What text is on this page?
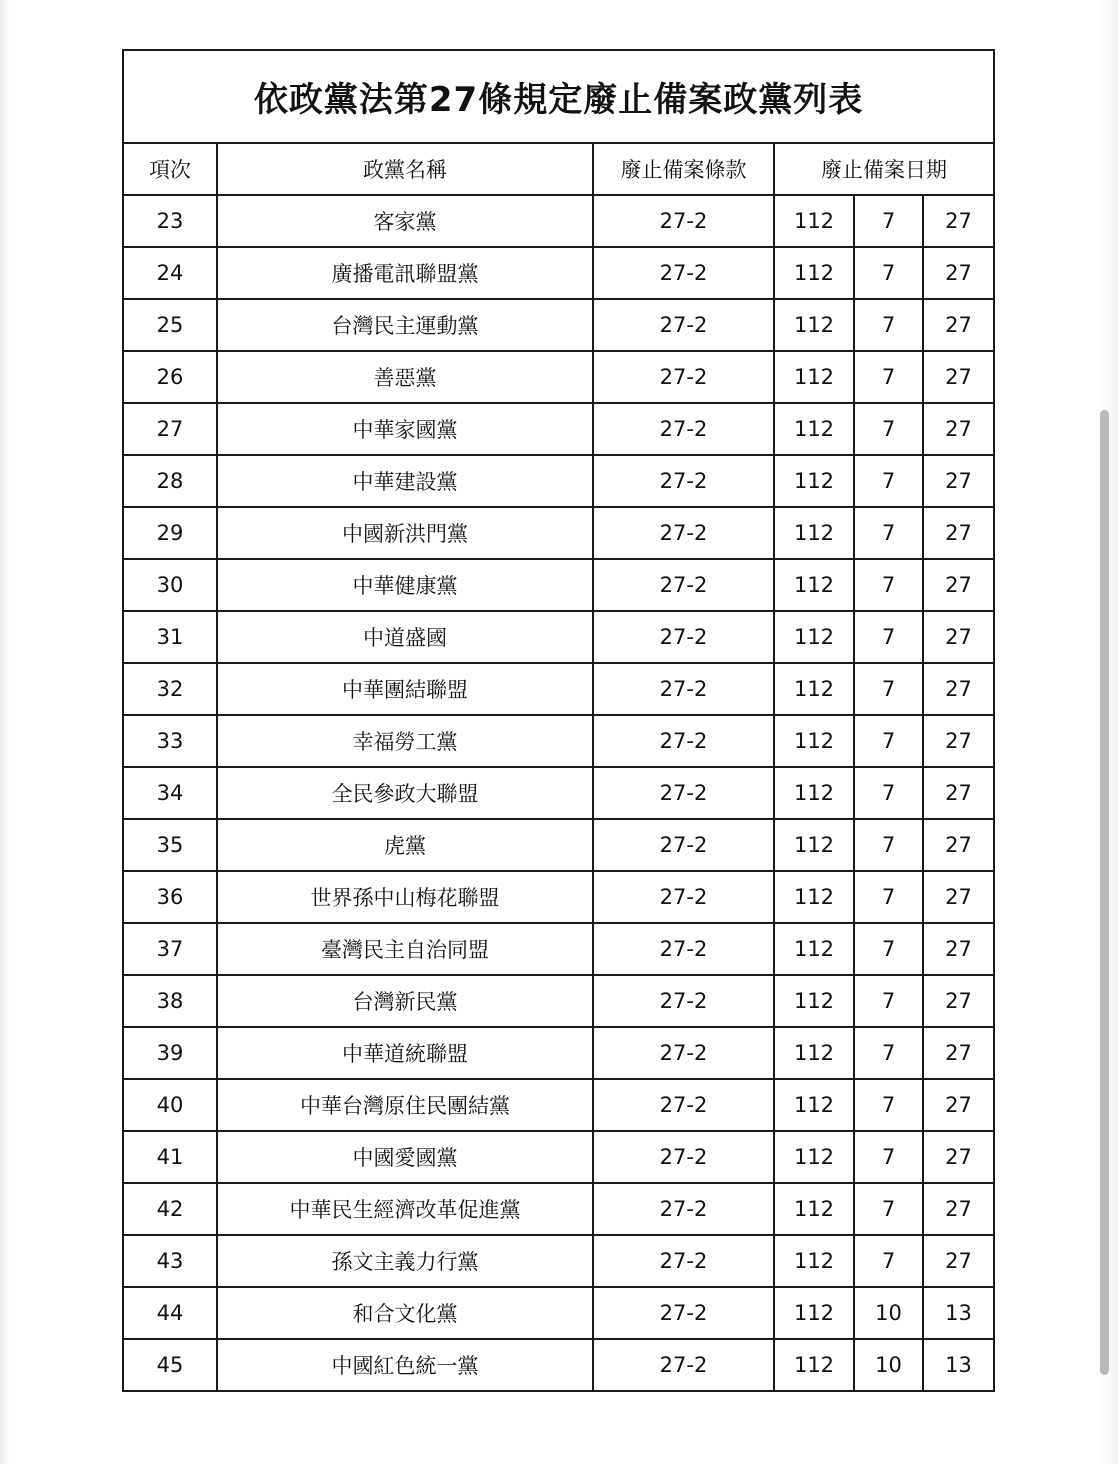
依政黨法第27條規定廢止備案政黨列表					
項次	政黨名稱	廢止備案條款	廢止備案日期		
23	客家黨	27-2	112	7	27
24	廣播電訊聯盟黨	27-2	112	7	27
25	台灣民主運動黨	27-2	112	7	27
26	善惡黨	27-2	112	7	27
27	中華家國黨	27-2	112	7	27
28	中華建設黨	27-2	112	7	27
29	中國新洪門黨	27-2	112	7	27
30	中華健康黨	27-2	112	7	27
31	中道盛國	27-2	112	7	27
32	中華團結聯盟	27-2	112	7	27
33	幸福勞工黨	27-2	112	7	27
34	全民參政大聯盟	27-2	112	7	27
35	虎黨	27-2	112	7	27
36	世界孫中山梅花聯盟	27-2	112	7	27
37	臺灣民主自治同盟	27-2	112	7	27
38	台灣新民黨	27-2	112	7	27
39	中華道統聯盟	27-2	112	7	27
40	中華台灣原住民團結黨	27-2	112	7	27
41	中國愛國黨	27-2	112	7	27
42	中華民生經濟改革促進黨	27-2	112	7	27
43	孫文主義力行黨	27-2	112	7	27
44	和合文化黨	27-2	112	10	13
45	中國紅色統一黨	27-2	112	10	13
